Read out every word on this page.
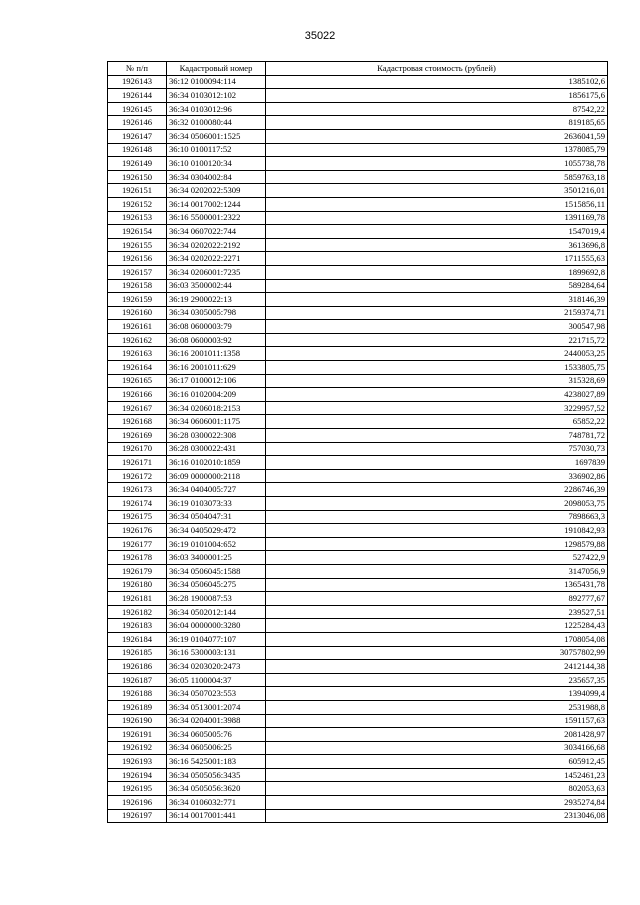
35022
№ п/п	Кадастровый номер	Кадастровая стоимость (рублей)
1926143	36:12 0100094:114	1385102,6
1926144	36:34 0103012:102	1856175,6
1926145	36:34 0103012:96	87542,22
1926146	36:32 0100080:44	819185,65
1926147	36:34 0506001:1525	2636041,59
1926148	36:10 0100117:52	1378085,79
1926149	36:10 0100120:34	1055738,78
1926150	36:34 0304002:84	5859763,18
1926151	36:34 0202022:5309	3501216,01
1926152	36:14 0017002:1244	1515856,11
1926153	36:16 5500001:2322	1391169,78
1926154	36:34 0607022:744	1547019,4
1926155	36:34 0202022:2192	3613696,8
1926156	36:34 0202022:2271	1711555,63
1926157	36:34 0206001:7235	1899692,8
1926158	36:03 3500002:44	589284,64
1926159	36:19 2900022:13	318146,39
1926160	36:34 0305005:798	2159374,71
1926161	36:08 0600003:79	300547,98
1926162	36:08 0600003:92	221715,72
1926163	36:16 2001011:1358	2440053,25
1926164	36:16 2001011:629	1533805,75
1926165	36:17 0100012:106	315328,69
1926166	36:16 0102004:209	4238027,89
1926167	36:34 0206018:2153	3229957,52
1926168	36:34 0606001:1175	65852,22
1926169	36:28 0300022:308	748781,72
1926170	36:28 0300022:431	757030,73
1926171	36:16 0102010:1859	1697839
1926172	36:09 0000000:2118	336902,86
1926173	36:34 0404005:727	2286746,39
1926174	36:19 0103073:33	2098053,75
1926175	36:34 0504047:31	7898663,3
1926176	36:34 0405029:472	1910842,93
1926177	36:19 0101004:652	1298579,88
1926178	36:03 3400001:25	527422,9
1926179	36:34 0506045:1588	3147056,9
1926180	36:34 0506045:275	1365431,78
1926181	36:28 1900087:53	892777,67
1926182	36:34 0502012:144	239527,51
1926183	36:04 0000000:3280	1225284,43
1926184	36:19 0104077:107	1708054,08
1926185	36:16 5300003:131	30757802,99
1926186	36:34 0203020:2473	2412144,38
1926187	36:05 1100004:37	235657,35
1926188	36:34 0507023:553	1394099,4
1926189	36:34 0513001:2074	2531988,8
1926190	36:34 0204001:3988	1591157,63
1926191	36:34 0605005:76	2081428,97
1926192	36:34 0605006:25	3034166,68
1926193	36:16 5425001:183	605912,45
1926194	36:34 0505056:3435	1452461,23
1926195	36:34 0505056:3620	802053,63
1926196	36:34 0106032:771	2935274,84
1926197	36:14 0017001:441	2313046,08
